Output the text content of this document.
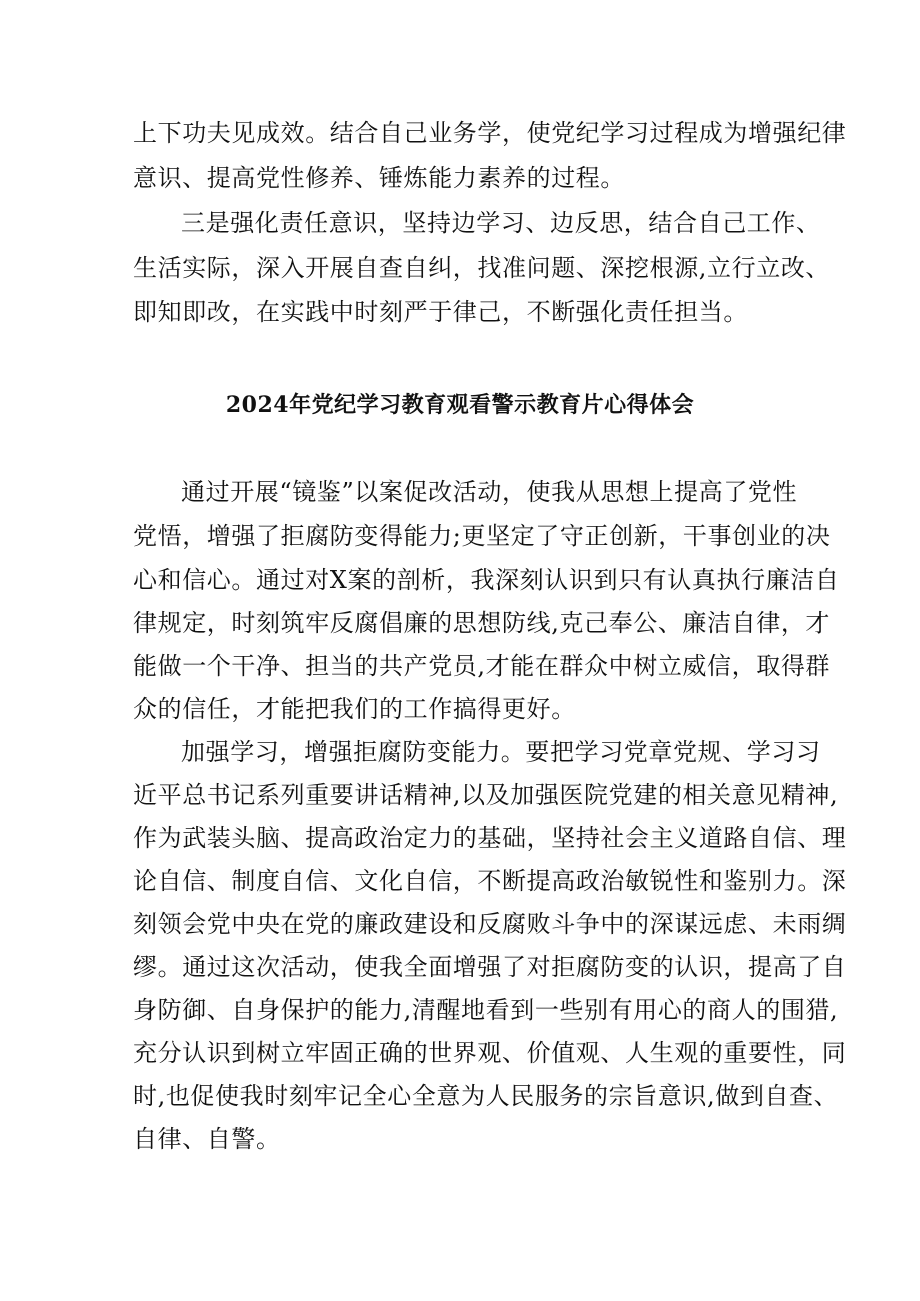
上下功夫见成效。结合自己业务学，使党纪学习过程成为增强纪律
意识、提高党性修养、锤炼能力素养的过程。
三是强化责任意识，坚持边学习、边反思，结合自己工作、
生活实际，深入开展自查自纠，找准问题、深挖根源,立行立改、
即知即改，在实践中时刻严于律己，不断强化责任担当。
2024年党纪学习教育观看警示教育片心得体会
通过开展“镜鉴”以案促改活动，使我从思想上提高了党性
党悟，增强了拒腐防变得能力;更坚定了守正创新，干事创业的决
心和信心。通过对X案的剖析，我深刻认识到只有认真执行廉洁自
律规定，时刻筑牢反腐倡廉的思想防线,克己奉公、廉洁自律，才
能做一个干净、担当的共产党员,才能在群众中树立威信，取得群
众的信任，才能把我们的工作搞得更好。
加强学习，增强拒腐防变能力。要把学习党章党规、学习习
近平总书记系列重要讲话精神,以及加强医院党建的相关意见精神,
作为武装头脑、提高政治定力的基础，坚持社会主义道路自信、理
论自信、制度自信、文化自信，不断提高政治敏锐性和鉴别力。深
刻领会党中央在党的廉政建设和反腐败斗争中的深谋远虑、未雨绸
缪。通过这次活动，使我全面增强了对拒腐防变的认识，提高了自
身防御、自身保护的能力,清醒地看到一些别有用心的商人的围猎,
充分认识到树立牢固正确的世界观、价值观、人生观的重要性，同
时,也促使我时刻牢记全心全意为人民服务的宗旨意识,做到自查、
自律、自警。
